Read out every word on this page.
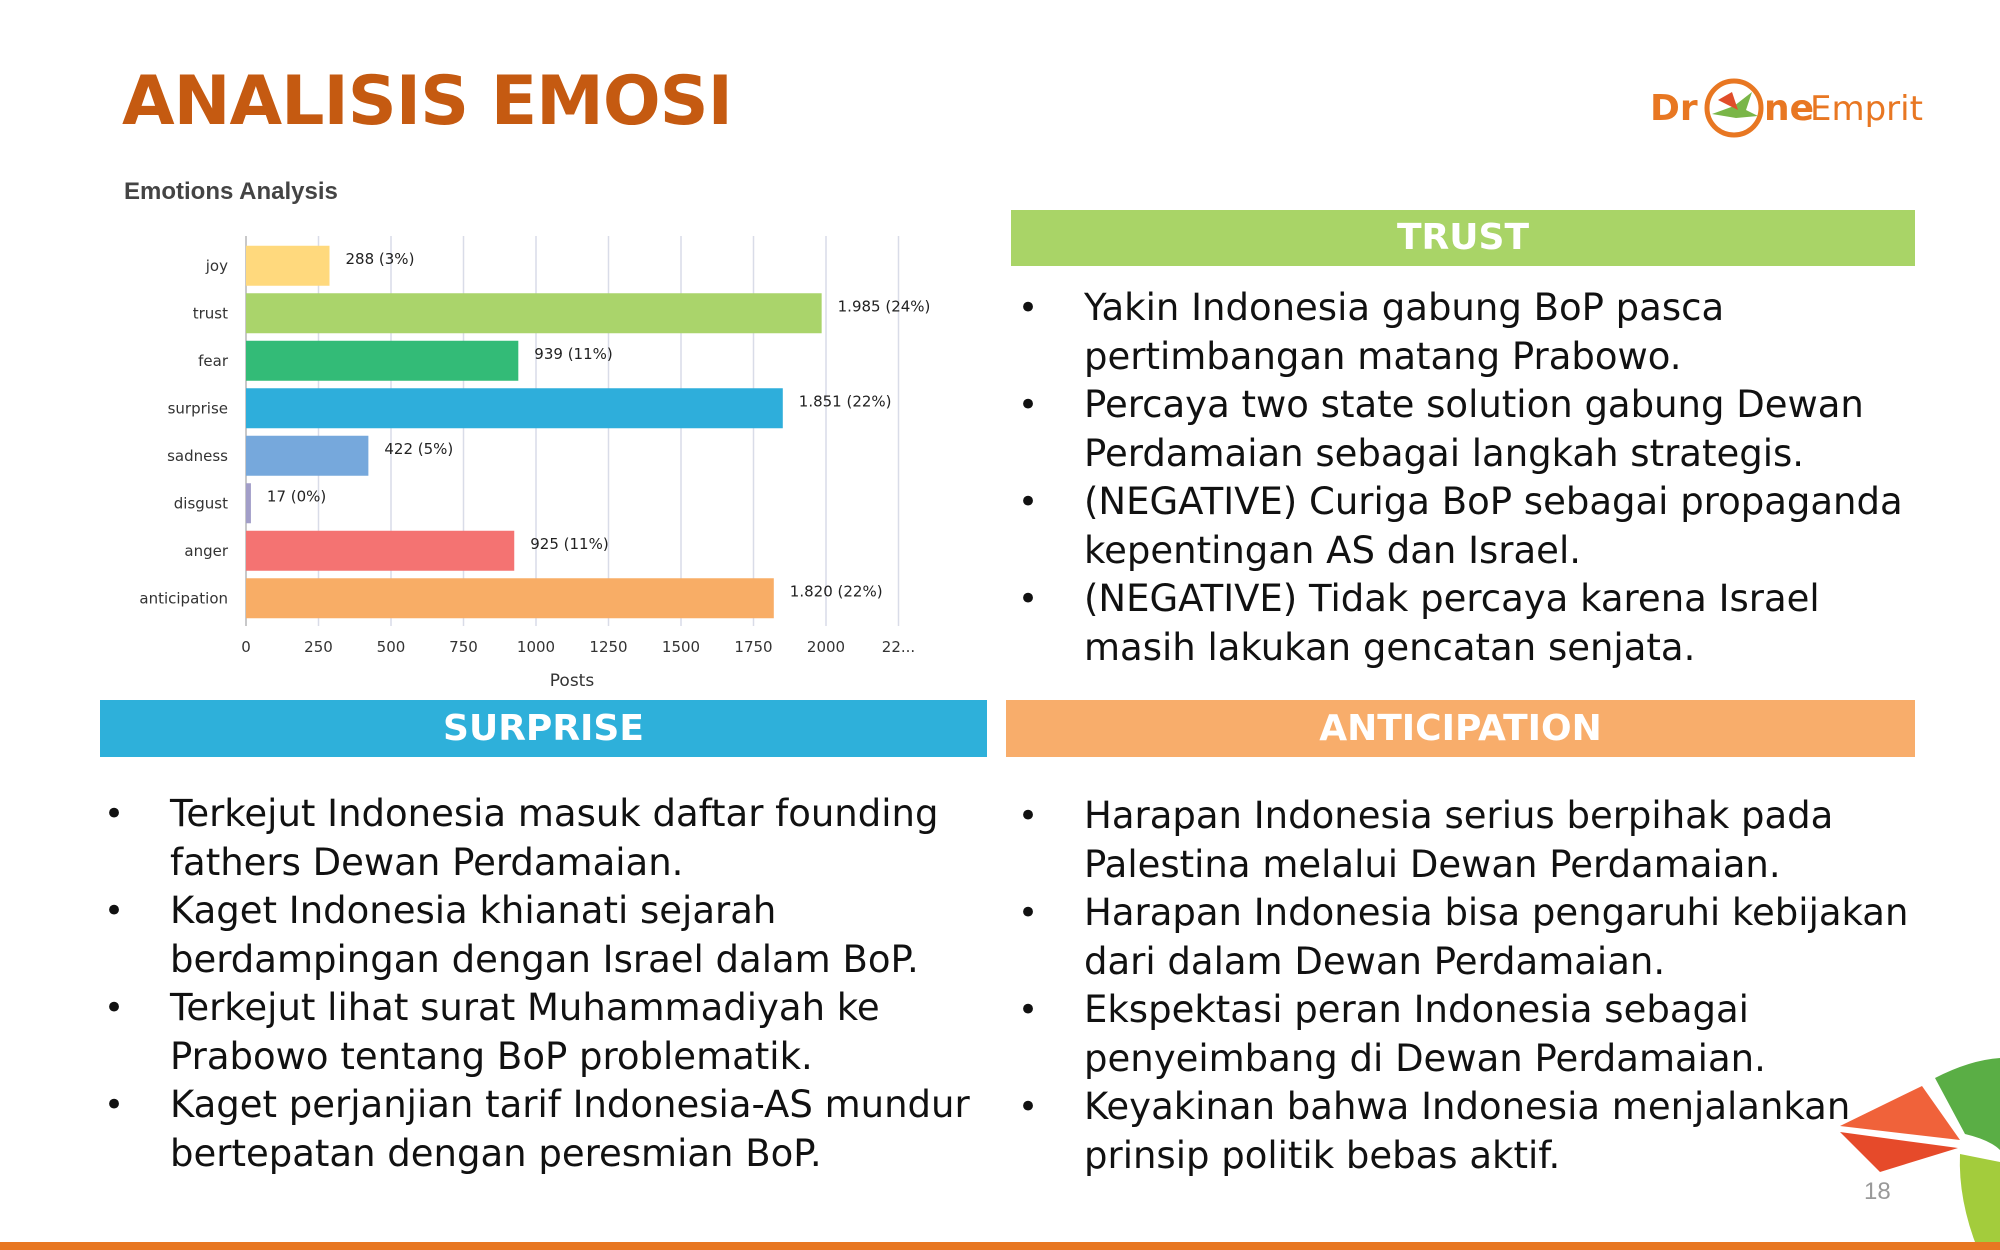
ANALISIS EMOSI	Dr ne
Emprit
Emotions Analysis
0	250	500	750	1000 1250 1500 1750 2000 22...
joy	288 (3%)
trust	1.985 (24%)
fear	939 (11%)
surprise	1.851 (22%)
sadness	422 (5%)
disgust	17 (0%)
anger	925 (11%)
anticipation	1.820 (22%)
Posts
TRUST
• Yakin Indonesia gabung BoP pasca pertimbangan matang Prabowo.
• Percaya two state solution gabung Dewan Perdamaian sebagai langkah strategis.
• (NEGATIVE) Curiga BoP sebagai propaganda kepentingan AS dan Israel.
• (NEGATIVE) Tidak percaya karena Israel masih lakukan gencatan senjata.
SURPRISE
• Terkejut Indonesia masuk daftar founding fathers Dewan Perdamaian.
• Kaget Indonesia khianati sejarah berdampingan dengan Israel dalam BoP.
• Terkejut lihat surat Muhammadiyah ke Prabowo tentang BoP problematik.
• Kaget perjanjian tarif Indonesia-AS mundur bertepatan dengan peresmian BoP.
ANTICIPATION
• Harapan Indonesia serius berpihak pada Palestina melalui Dewan Perdamaian.
• Harapan Indonesia bisa pengaruhi kebijakan dari dalam Dewan Perdamaian.
• Ekspektasi peran Indonesia sebagai penyeimbang di Dewan Perdamaian.
• Keyakinan bahwa Indonesia menjalankan prinsip politik bebas aktif.
18
